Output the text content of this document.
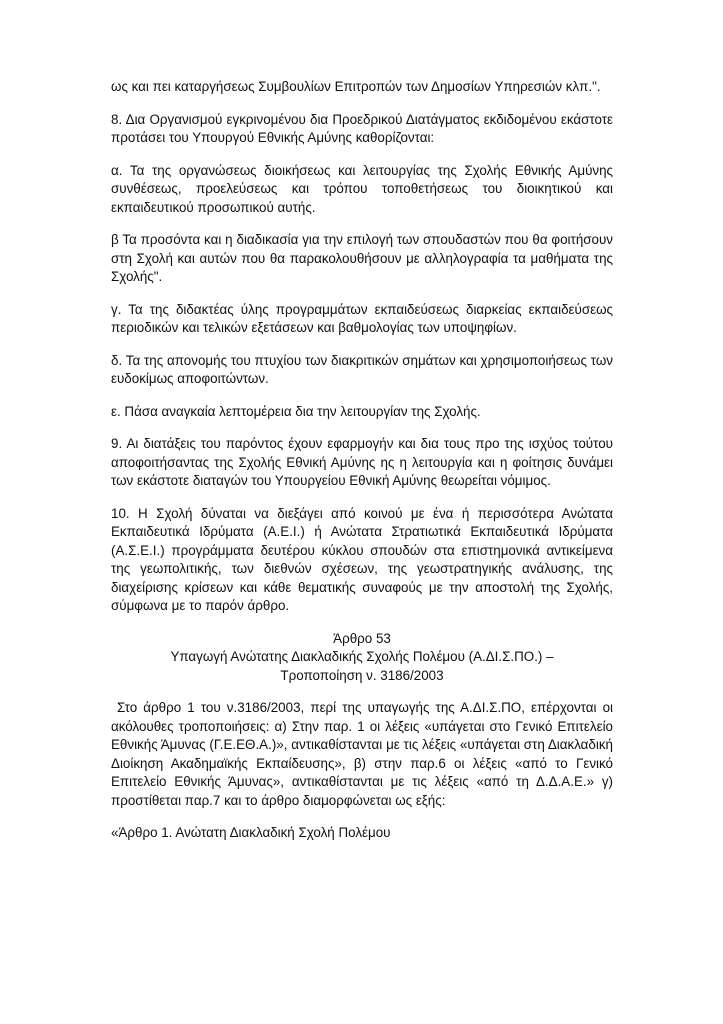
ως και πει καταργήσεως Συμβουλίων Επιτροπών των Δημοσίων Υπηρεσιών κλπ.".

8. Δια Οργανισμού εγκρινομένου δια Προεδρικού Διατάγματος εκδιδομένου εκάστοτε προτάσει του Υπουργού Εθνικής Αμύνης καθορίζονται:

α. Τα της οργανώσεως διοικήσεως και λειτουργίας της Σχολής Εθνικής Αμύνης συνθέσεως, προελεύσεως και τρόπου τοποθετήσεως του διοικητικού και εκπαιδευτικού προσωπικού αυτής.

β Τα προσόντα και η διαδικασία για την επιλογή των σπουδαστών που θα φοιτήσουν στη Σχολή και αυτών που θα παρακολουθήσουν με αλληλογραφία τα μαθήματα της Σχολής".

γ. Τα της διδακτέας ύλης προγραμμάτων εκπαιδεύσεως διαρκείας εκπαιδεύσεως περιοδικών και τελικών εξετάσεων και βαθμολογίας των υποψηφίων.

δ. Τα της απονομής του πτυχίου των διακριτικών σημάτων και χρησιμοποιήσεως των ευδοκίμως αποφοιτώντων.

ε. Πάσα αναγκαία λεπτομέρεια δια την λειτουργίαν της Σχολής.

9. Αι διατάξεις του παρόντος έχουν εφαρμογήν και δια τους προ της ισχύος τούτου αποφοιτήσαντας της Σχολής Εθνική Αμύνης ης η λειτουργία και η φοίτησις δυνάμει των εκάστοτε διαταγών του Υπουργείου Εθνική Αμύνης θεωρείται νόμιμος.

10. Η Σχολή δύναται να διεξάγει από κοινού με ένα ή περισσότερα Ανώτατα Εκπαιδευτικά Ιδρύματα (Α.Ε.Ι.) ή Ανώτατα Στρατιωτικά Εκπαιδευτικά Ιδρύματα (Α.Σ.Ε.Ι.) προγράμματα δευτέρου κύκλου σπουδών στα επιστημονικά αντικείμενα της γεωπολιτικής, των διεθνών σχέσεων, της γεωστρατηγικής ανάλυσης, της διαχείρισης κρίσεων και κάθε θεματικής συναφούς με την αποστολή της Σχολής, σύμφωνα με το παρόν άρθρο.

Άρθρο 53
Υπαγωγή Ανώτατης Διακλαδικής Σχολής Πολέμου (Α.ΔΙ.Σ.ΠΟ.) –
Τροποποίηση ν. 3186/2003

Στο άρθρο 1 του ν.3186/2003, περί της υπαγωγής της Α.ΔΙ.Σ.ΠΟ, επέρχονται οι ακόλουθες τροποποιήσεις: α) Στην παρ. 1 οι λέξεις «υπάγεται στο Γενικό Επιτελείο Εθνικής Άμυνας (Γ.Ε.ΕΘ.Α.)», αντικαθίστανται με τις λέξεις «υπάγεται στη Διακλαδική Διοίκηση Ακαδημαϊκής Εκπαίδευσης», β) στην παρ.6 οι λέξεις «από το Γενικό Επιτελείο Εθνικής Άμυνας», αντικαθίστανται με τις λέξεις «από τη Δ.Δ.Α.Ε.» γ) προστίθεται παρ.7 και το άρθρο διαμορφώνεται ως εξής:

«Άρθρο 1. Ανώτατη Διακλαδική Σχολή Πολέμου
